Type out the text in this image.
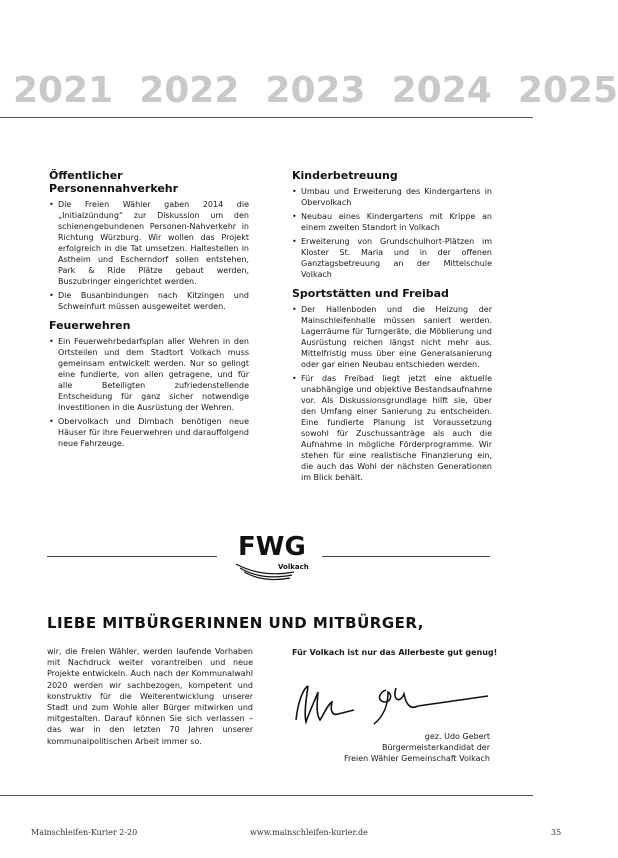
2021 2022 2023 2024 2025
Öffentlicher Personennahverkehr
• Die Freien Wähler gaben 2014 die „Initialzündung“ zur Diskussion um den schienengebundenen Personen-Nahverkehr in Richtung Würzburg. Wir wollen das Projekt erfolgreich in die Tat umsetzen. Haltestellen in Astheim und Escherndorf sollen entstehen, Park & Ride Plätze gebaut werden, Buszubringer eingerichtet werden.
• Die Busanbindungen nach Kitzingen und Schweinfurt müssen ausgeweitet werden.
Feuerwehren
• Ein Feuerwehrbedarfsplan aller Wehren in den Ortsteilen und dem Stadtort Volkach muss gemeinsam entwickelt werden. Nur so gelingt eine fundierte, von allen getragene, und für alle Beteiligten zufriedenstellende Entscheidung für ganz sicher notwendige Investitionen in die Ausrüstung der Wehren.
• Obervolkach und Dimbach benötigen neue Häuser für ihre Feuerwehren und darauffolgend neue Fahrzeuge.
Kinderbetreuung
• Umbau und Erweiterung des Kindergartens in Obervolkach
• Neubau eines Kindergartens mit Krippe an einem zweiten Standort in Volkach
• Erweiterung von Grundschulhort-Plätzen im Kloster St. Maria und in der offenen Ganztagsbetreuung an der Mittelschule Volkach
Sportstätten und Freibad
• Der Hallenboden und die Heizung der Mainschleifenhalle müssen saniert werden. Lagerräume für Turngeräte, die Möblierung und Ausrüstung reichen längst nicht mehr aus. Mittelfristig muss über eine Generalsanierung oder gar einen Neubau entschieden werden.
• Für das Freibad liegt jetzt eine aktuelle unabhängige und objektive Bestandsaufnahme vor. Als Diskussionsgrundlage hilft sie, über den Umfang einer Sanierung zu entscheiden. Eine fundierte Planung ist Voraussetzung sowohl für Zuschussanträge als auch die Aufnahme in mögliche Förderprogramme. Wir stehen für eine realistische Finanzierung ein, die auch das Wohl der nächsten Generationen im Blick behält.
FWG
Volkach
LIEBE MITBÜRGERINNEN UND MITBÜRGER,
wir, die Freien Wähler, werden laufende Vorhaben mit Nachdruck weiter vorantreiben und neue Projekte entwickeln. Auch nach der Kommunalwahl 2020 werden wir sachbezogen, kompetent und konstruktiv für die Weiterentwicklung unserer Stadt und zum Wohle aller Bürger mitwirken und mitgestalten. Darauf können Sie sich verlassen – das war in den letzten 70 Jahren unserer kommunalpolitischen Arbeit immer so.
Für Volkach ist nur das Allerbeste gut genug!
gez. Udo Gebert
Bürgermeisterkandidat der
Freien Wähler Gemeinschaft Volkach
Mainschleifen-Kurier 2-20	www.mainschleifen-kurier.de	35
